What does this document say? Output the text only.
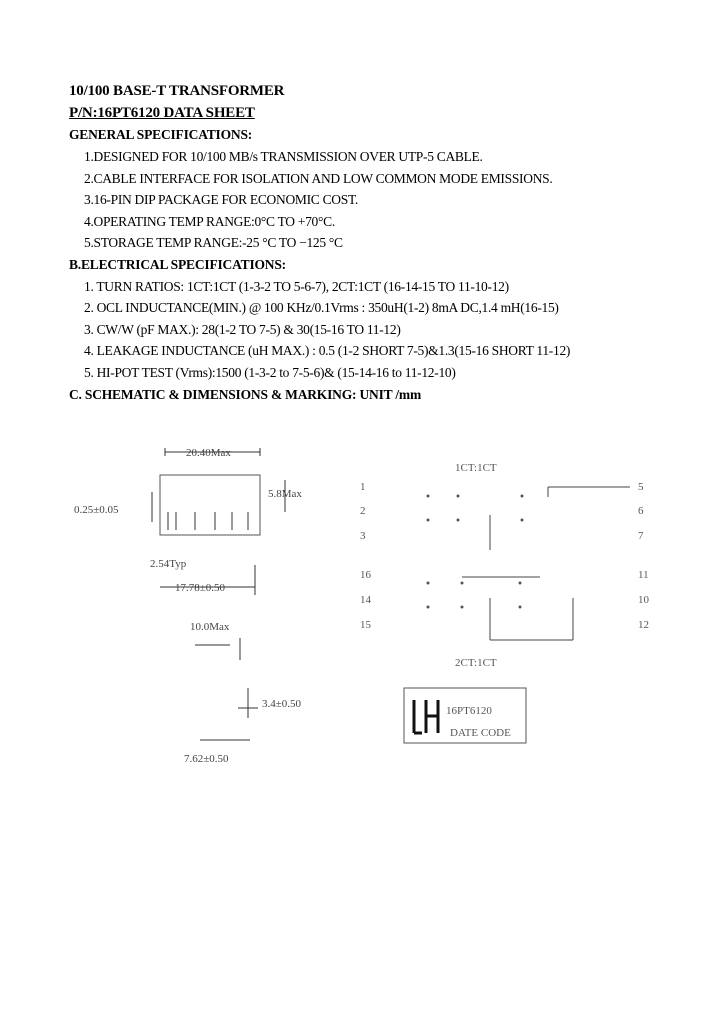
10/100 BASE-T TRANSFORMER
P/N:16PT6120 DATA SHEET
GENERAL SPECIFICATIONS:
1.DESIGNED FOR 10/100 MB/s TRANSMISSION OVER UTP-5 CABLE.
2.CABLE INTERFACE FOR ISOLATION AND LOW COMMON MODE EMISSIONS.
3.16-PIN DIP PACKAGE FOR ECONOMIC COST.
4.OPERATING TEMP RANGE:0°C TO +70°C.
5.STORAGE TEMP RANGE:-25 °C TO −125 °C
B.ELECTRICAL SPECIFICATIONS:
1. TURN RATIOS: 1CT:1CT (1-3-2 TO 5-6-7), 2CT:1CT (16-14-15 TO 11-10-12)
2. OCL INDUCTANCE(MIN.) @ 100 KHz/0.1Vrms : 350uH(1-2) 8mA DC,1.4 mH(16-15)
3. CW/W (pF MAX.): 28(1-2 TO 7-5) & 30(15-16 TO 11-12)
4. LEAKAGE INDUCTANCE (uH MAX.) : 0.5 (1-2 SHORT 7-5)&1.3(15-16 SHORT 11-12)
5. HI-POT TEST (Vrms):1500 (1-3-2 to 7-5-6)& (15-14-16 to 11-12-10)
C. SCHEMATIC & DIMENSIONS & MARKING: UNIT /mm
20.40Max
5.8Max
0.25±0.05
2.54Typ
17.78±0.50
10.0Max
3.4±0.50
7.62±0.50
1CT:1CT
2CT:1CT
1
2
3
16
14
15
5
6
7
11
10
12
16PT6120
DATE CODE
